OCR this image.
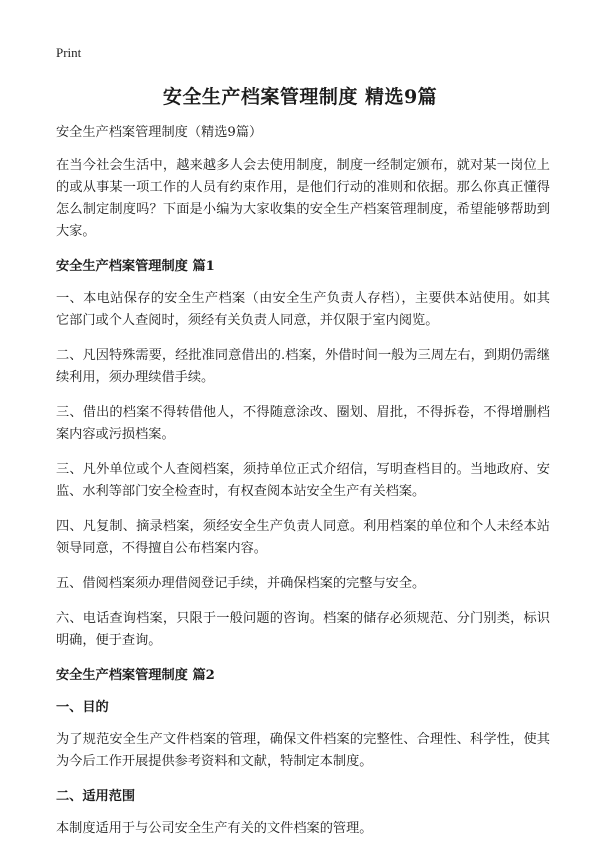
Print
安全生产档案管理制度 精选9篇

安全生产档案管理制度（精选9篇）

在当今社会生活中，越来越多人会去使用制度，制度一经制定颁布，就对某一岗位上的或从事某一项工作的人员有约束作用，是他们行动的准则和依据。那么你真正懂得怎么制定制度吗？下面是小编为大家收集的安全生产档案管理制度，希望能够帮助到大家。

安全生产档案管理制度 篇1

一、本电站保存的安全生产档案（由安全生产负责人存档），主要供本站使用。如其它部门或个人查阅时，须经有关负责人同意，并仅限于室内阅览。

二、凡因特殊需要，经批准同意借出的.档案，外借时间一般为三周左右，到期仍需继续利用，须办理续借手续。

三、借出的档案不得转借他人，不得随意涂改、圈划、眉批，不得拆卷，不得增删档案内容或污损档案。

三、凡外单位或个人查阅档案，须持单位正式介绍信，写明查档目的。当地政府、安监、水利等部门安全检查时，有权查阅本站安全生产有关档案。

四、凡复制、摘录档案，须经安全生产负责人同意。利用档案的单位和个人未经本站领导同意，不得擅自公布档案内容。

五、借阅档案须办理借阅登记手续，并确保档案的完整与安全。

六、电话查询档案，只限于一般问题的咨询。档案的储存必须规范、分门别类，标识明确，便于查询。

安全生产档案管理制度 篇2
一、目的

为了规范安全生产文件档案的管理，确保文件档案的完整性、合理性、科学性，使其为今后工作开展提供参考资料和文献，特制定本制度。

二、适用范围

本制度适用于与公司安全生产有关的文件档案的管理。
